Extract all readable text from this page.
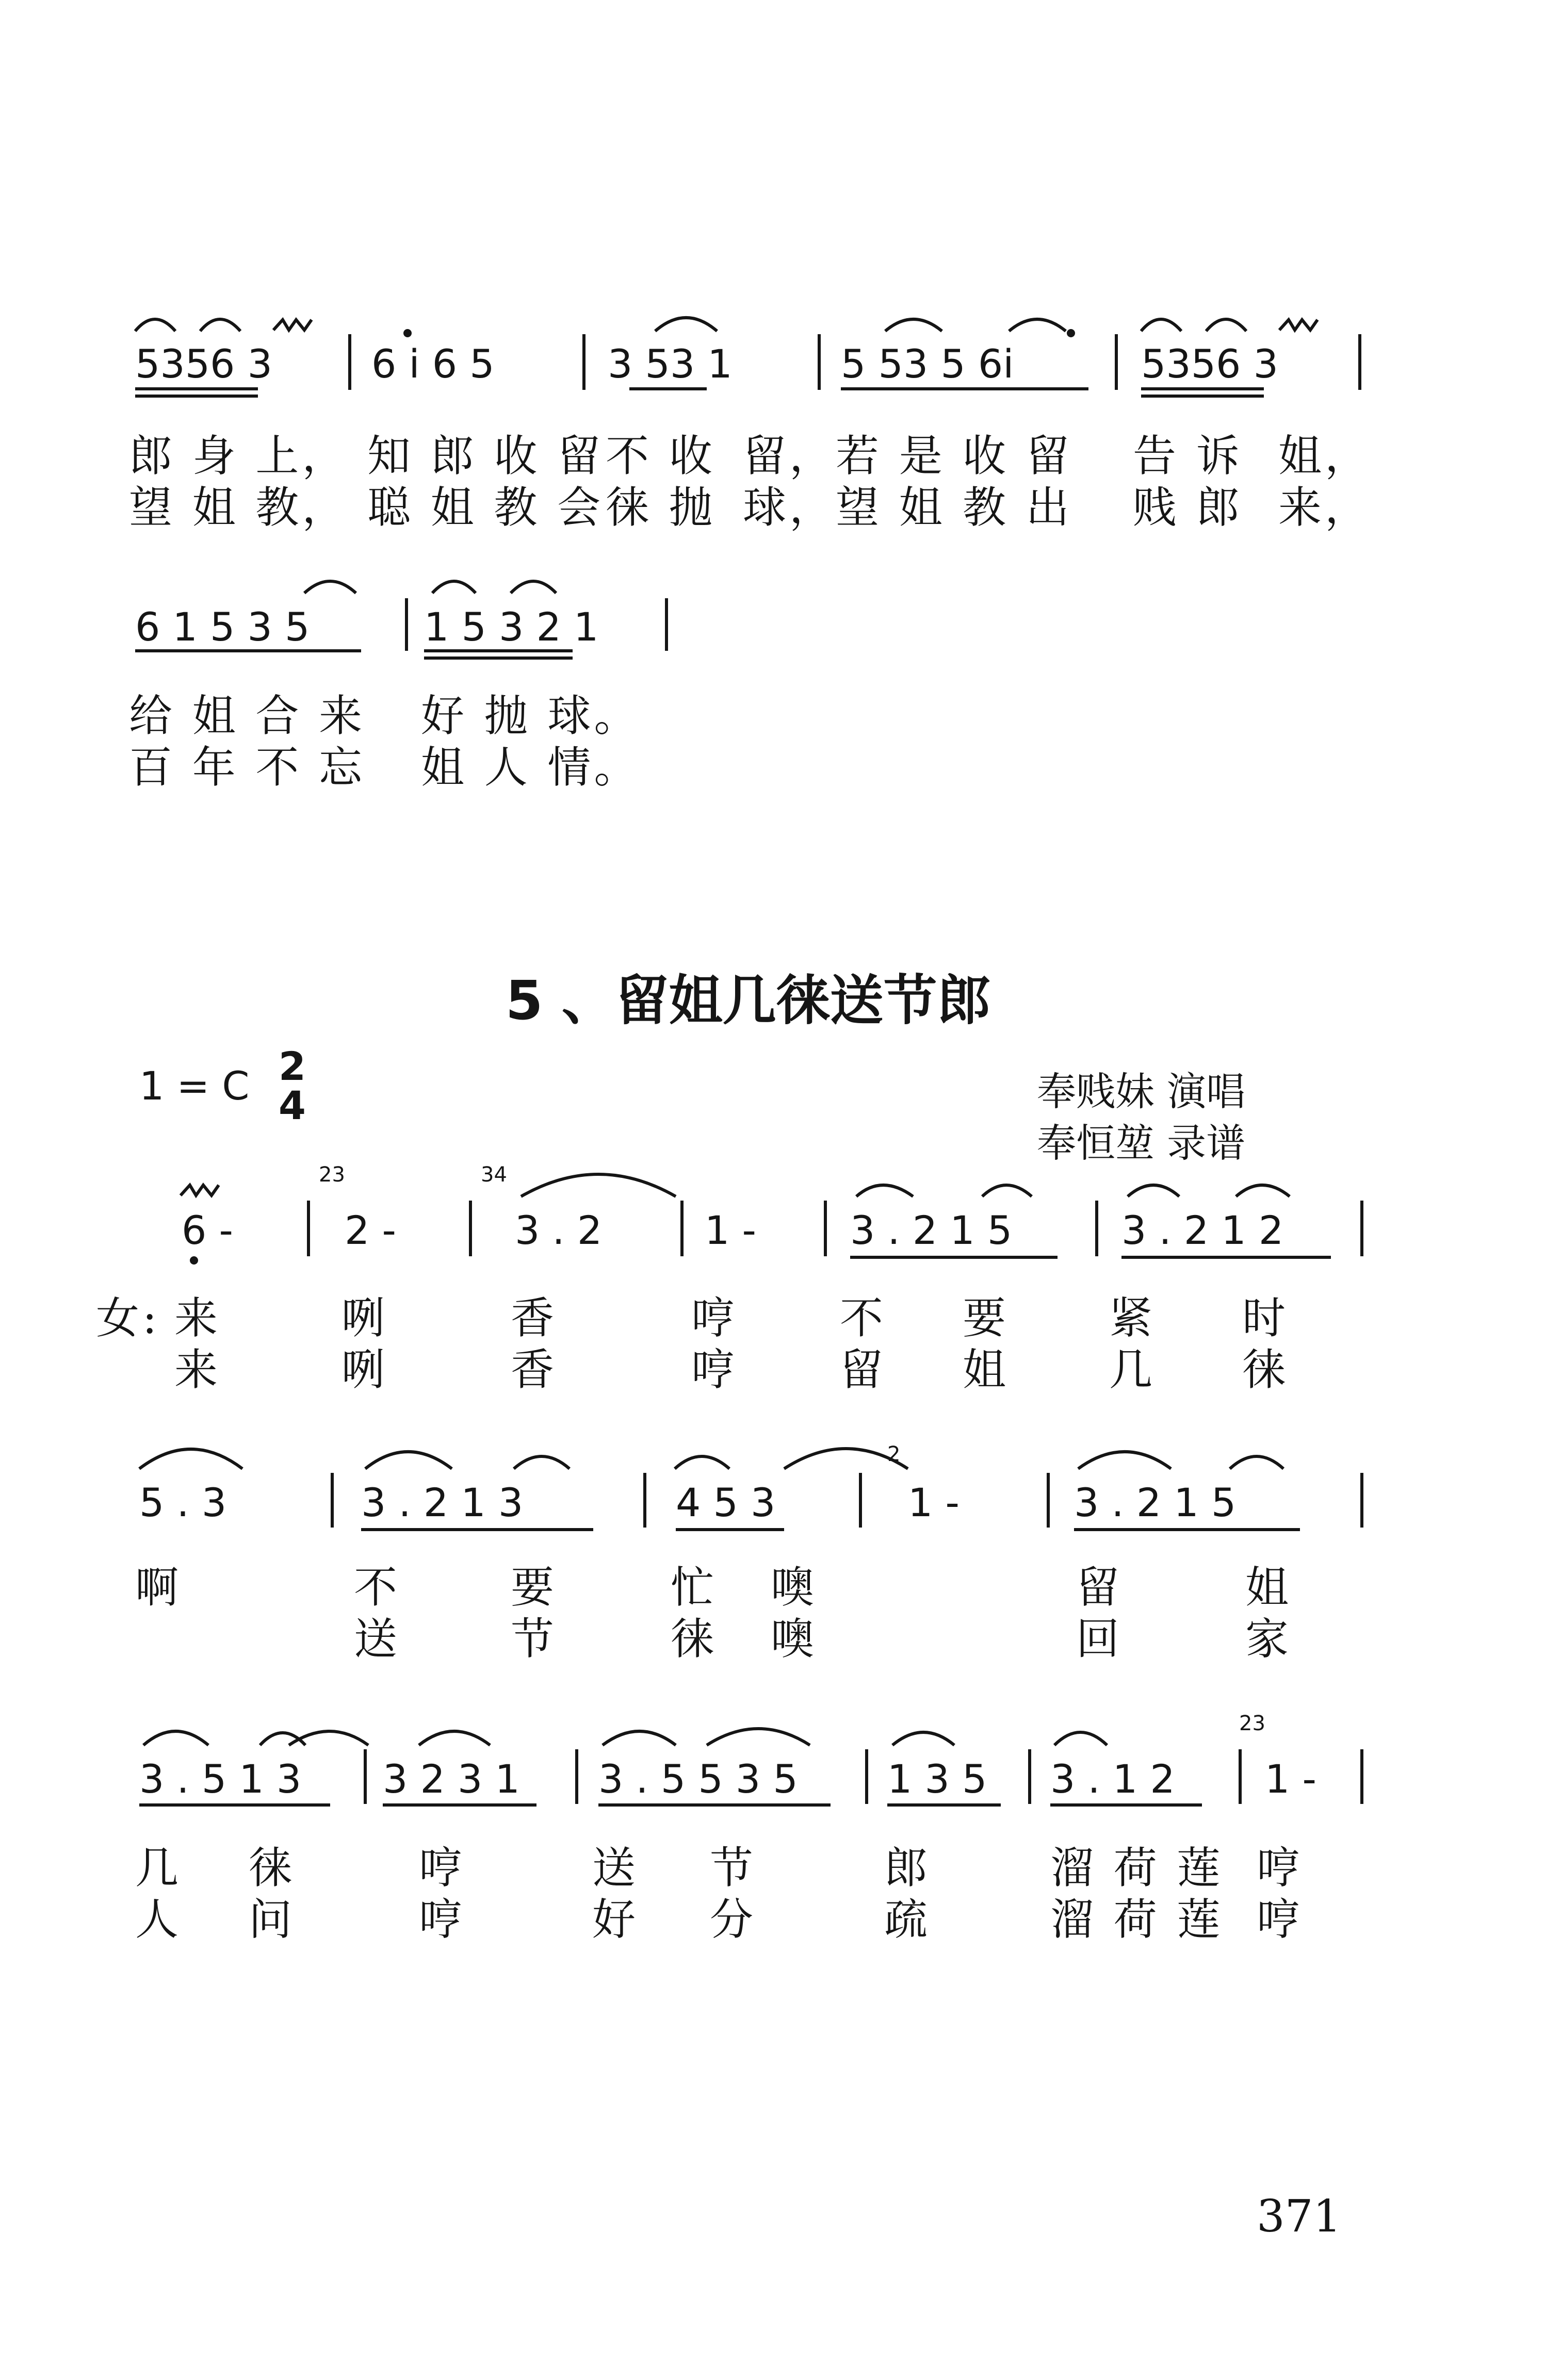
5356 3	6 i 6 5	3 53 1	5 53 5 6i	5356 3
郎 身 上， 知 郎 收 留 不 收 留，若 是 收 留 告 诉 姐，
望 姐 教， 聪 姐 教 会 徕 抛 球，望 姐 教 出 贱 郎 来，
6 1 5 3 5	1 5 3 2 1
给 姐 合 来 好 抛 球。
百 年 不 忘 姐 人 情。
5 、留姐几徕送节郎
1 = C 2
4	奉贱妹 演唱
奉恒堃 录谱
23	34
6 -	2 -	3 . 2	1 - 3 . 2 1 5	3 . 2 1 2
女: 来	咧	香	哼 不 要 紧 时
来	咧	香	哼 留 姐 几 徕
2
5 . 3	3 . 2 1 3	4 5 3	1 -	3 . 2 1 5
啊	不	要	忙 噢	留	姐
送	节	徕 噢	回	家
23
3 . 5 1 3 3 2 3 1 3 . 5 5 3 5 1 3 5 3 . 1 2 1 -
几 徕	哼	送 节	郎	溜 荷 莲 哼
人 问	哼	好 分	疏	溜 荷 莲 哼
371
